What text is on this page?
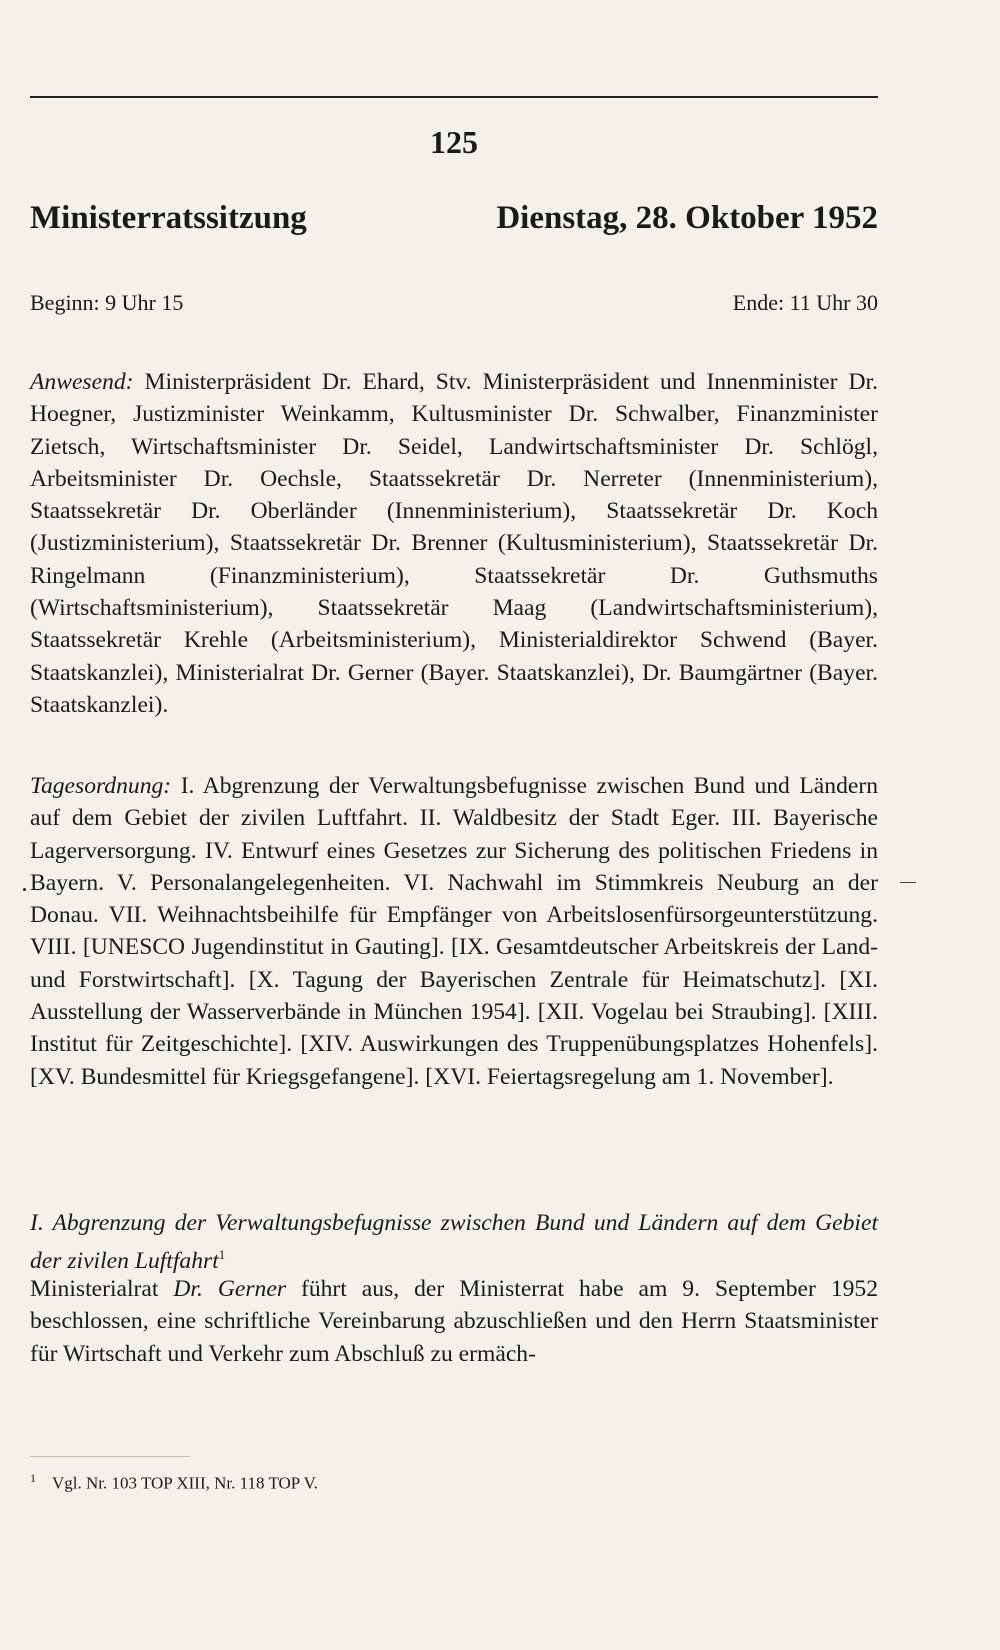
125
Ministerratssitzung	Dienstag, 28. Oktober 1952
Beginn: 9 Uhr 15	Ende: 11 Uhr 30

Anwesend: Ministerpräsident Dr. Ehard, Stv. Ministerpräsident und Innenminister Dr. Hoegner, Justizminister Weinkamm, Kultusminister Dr. Schwalber, Finanzminister Zietsch, Wirtschaftsminister Dr. Seidel, Landwirtschaftsminister Dr. Schlögl, Arbeitsminister Dr. Oechsle, Staatssekretär Dr. Nerreter (Innenministerium), Staatssekretär Dr. Oberländer (Innenministerium), Staatssekretär Dr. Koch (Justizministerium), Staatssekretär Dr. Brenner (Kultusministerium), Staatssekretär Dr. Ringelmann (Finanzministerium), Staatssekretär Dr. Guthsmuths (Wirtschaftsministerium), Staatssekretär Maag (Landwirtschaftsministerium), Staatssekretär Krehle (Arbeitsministerium), Ministerialdirektor Schwend (Bayer. Staatskanzlei), Ministerialrat Dr. Gerner (Bayer. Staatskanzlei), Dr. Baumgärtner (Bayer. Staatskanzlei).

Tagesordnung: I. Abgrenzung der Verwaltungsbefugnisse zwischen Bund und Ländern auf dem Gebiet der zivilen Luftfahrt. II. Waldbesitz der Stadt Eger. III. Bayerische Lagerversorgung. IV. Entwurf eines Gesetzes zur Sicherung des politischen Friedens in Bayern. V. Personalangelegenheiten. VI. Nachwahl im Stimmkreis Neuburg an der Donau. VII. Weihnachtsbeihilfe für Empfänger von Arbeitslosenfürsorgeunterstützung. VIII. [UNESCO Jugendinstitut in Gauting]. [IX. Gesamtdeutscher Arbeitskreis der Land- und Forstwirtschaft]. [X. Tagung der Bayerischen Zentrale für Heimatschutz]. [XI. Ausstellung der Wasserverbände in München 1954]. [XII. Vogelau bei Straubing]. [XIII. Institut für Zeitgeschichte]. [XIV. Auswirkungen des Truppenübungsplatzes Hohenfels]. [XV. Bundesmittel für Kriegsgefangene]. [XVI. Feiertagsregelung am 1. November].

I. Abgrenzung der Verwaltungsbefugnisse zwischen Bund und Ländern auf dem Gebiet der zivilen Luftfahrt$^1$

Ministerialrat Dr. Gerner führt aus, der Ministerrat habe am 9. September 1952 beschlossen, eine schriftliche Vereinbarung abzuschließen und den Herrn Staatsminister für Wirtschaft und Verkehr zum Abschluß zu ermäch-

$^1$ Vgl. Nr. 103 TOP XIII, Nr. 118 TOP V.
